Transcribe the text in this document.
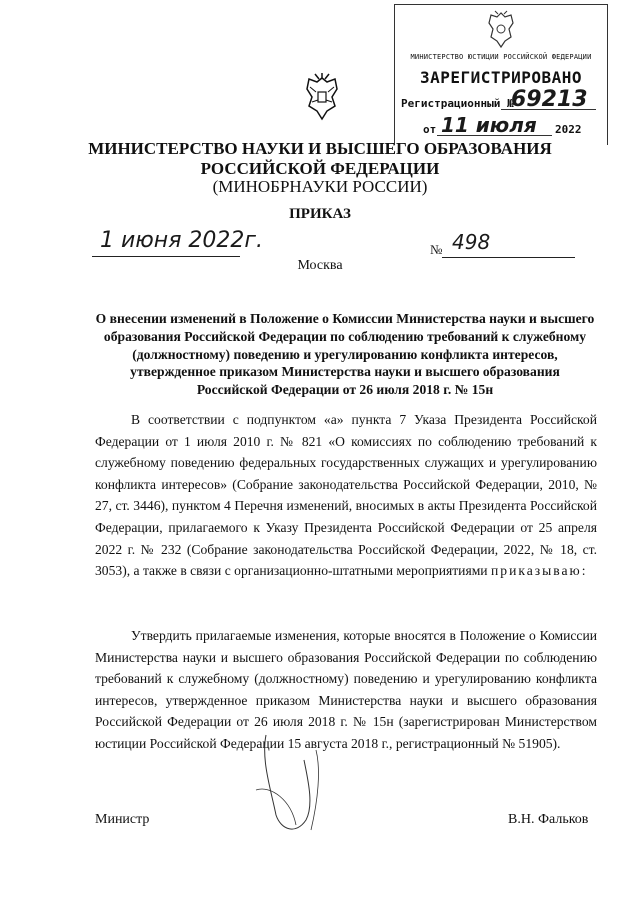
МИНИСТЕРСТВО ЮСТИЦИИ РОССИЙСКОЙ ФЕДЕРАЦИИ
ЗАРЕГИСТРИРОВАНО
Регистрационный №
69213
от 11 июля 2022
МИНИСТЕРСТВО НАУКИ И ВЫСШЕГО ОБРАЗОВАНИЯ
РОССИЙСКОЙ ФЕДЕРАЦИИ
(МИНОБРНАУКИ РОССИИ)
ПРИКАЗ
1 июня 2022г.	№ 498
Москва
О внесении изменений в Положение о Комиссии Министерства науки и высшего образования Российской Федерации по соблюдению требований к служебному (должностному) поведению и урегулированию конфликта интересов, утвержденное приказом Министерства науки и высшего образования Российской Федерации от 26 июля 2018 г. № 15н

В соответствии с подпунктом «а» пункта 7 Указа Президента Российской Федерации от 1 июля 2010 г. № 821 «О комиссиях по соблюдению требований к служебному поведению федеральных государственных служащих и урегулированию конфликта интересов» (Собрание законодательства Российской Федерации, 2010, № 27, ст. 3446), пунктом 4 Перечня изменений, вносимых в акты Президента Российской Федерации, прилагаемого к Указу Президента Российской Федерации от 25 апреля 2022 г. № 232 (Собрание законодательства Российской Федерации, 2022, № 18, ст. 3053), а также в связи с организационно-штатными мероприятиями приказываю:

Утвердить прилагаемые изменения, которые вносятся в Положение о Комиссии Министерства науки и высшего образования Российской Федерации по соблюдению требований к служебному (должностному) поведению и урегулированию конфликта интересов, утвержденное приказом Министерства науки и высшего образования Российской Федерации от 26 июля 2018 г. № 15н (зарегистрирован Министерством юстиции Российской Федерации 15 августа 2018 г., регистрационный № 51905).

Министр	В.Н. Фальков
